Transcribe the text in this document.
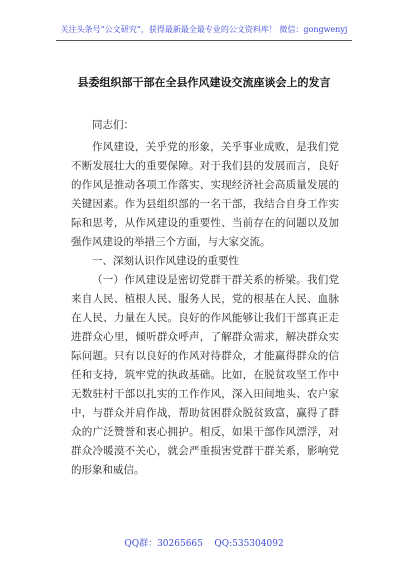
关注头条号“公文研究”，获得最新最全最专业的公文资料库！ 微信：gongwenyj
县委组织部干部在全县作风建设交流座谈会上的发言

同志们：

作风建设，关乎党的形象，关乎事业成败，是我们党不断发展壮大的重要保障。对于我们县的发展而言，良好的作风是推动各项工作落实、实现经济社会高质量发展的关键因素。作为县组织部的一名干部，我结合自身工作实际和思考，从作风建设的重要性、当前存在的问题以及加强作风建设的举措三个方面，与大家交流。

一、深刻认识作风建设的重要性

（一）作风建设是密切党群干群关系的桥梁。我们党来自人民、植根人民、服务人民，党的根基在人民、血脉在人民、力量在人民。良好的作风能够让我们干部真正走进群众心里，倾听群众呼声，了解群众需求，解决群众实际问题。只有以良好的作风对待群众，才能赢得群众的信任和支持，筑牢党的执政基础。比如，在脱贫攻坚工作中无数驻村干部以扎实的工作作风，深入田间地头、农户家中，与群众并肩作战，帮助贫困群众脱贫致富，赢得了群众的广泛赞誉和衷心拥护。相反，如果干部作风漂浮，对群众冷暖漠不关心，就会严重损害党群干群关系，影响党的形象和威信。

QQ群：30265665 QQ:535304092
